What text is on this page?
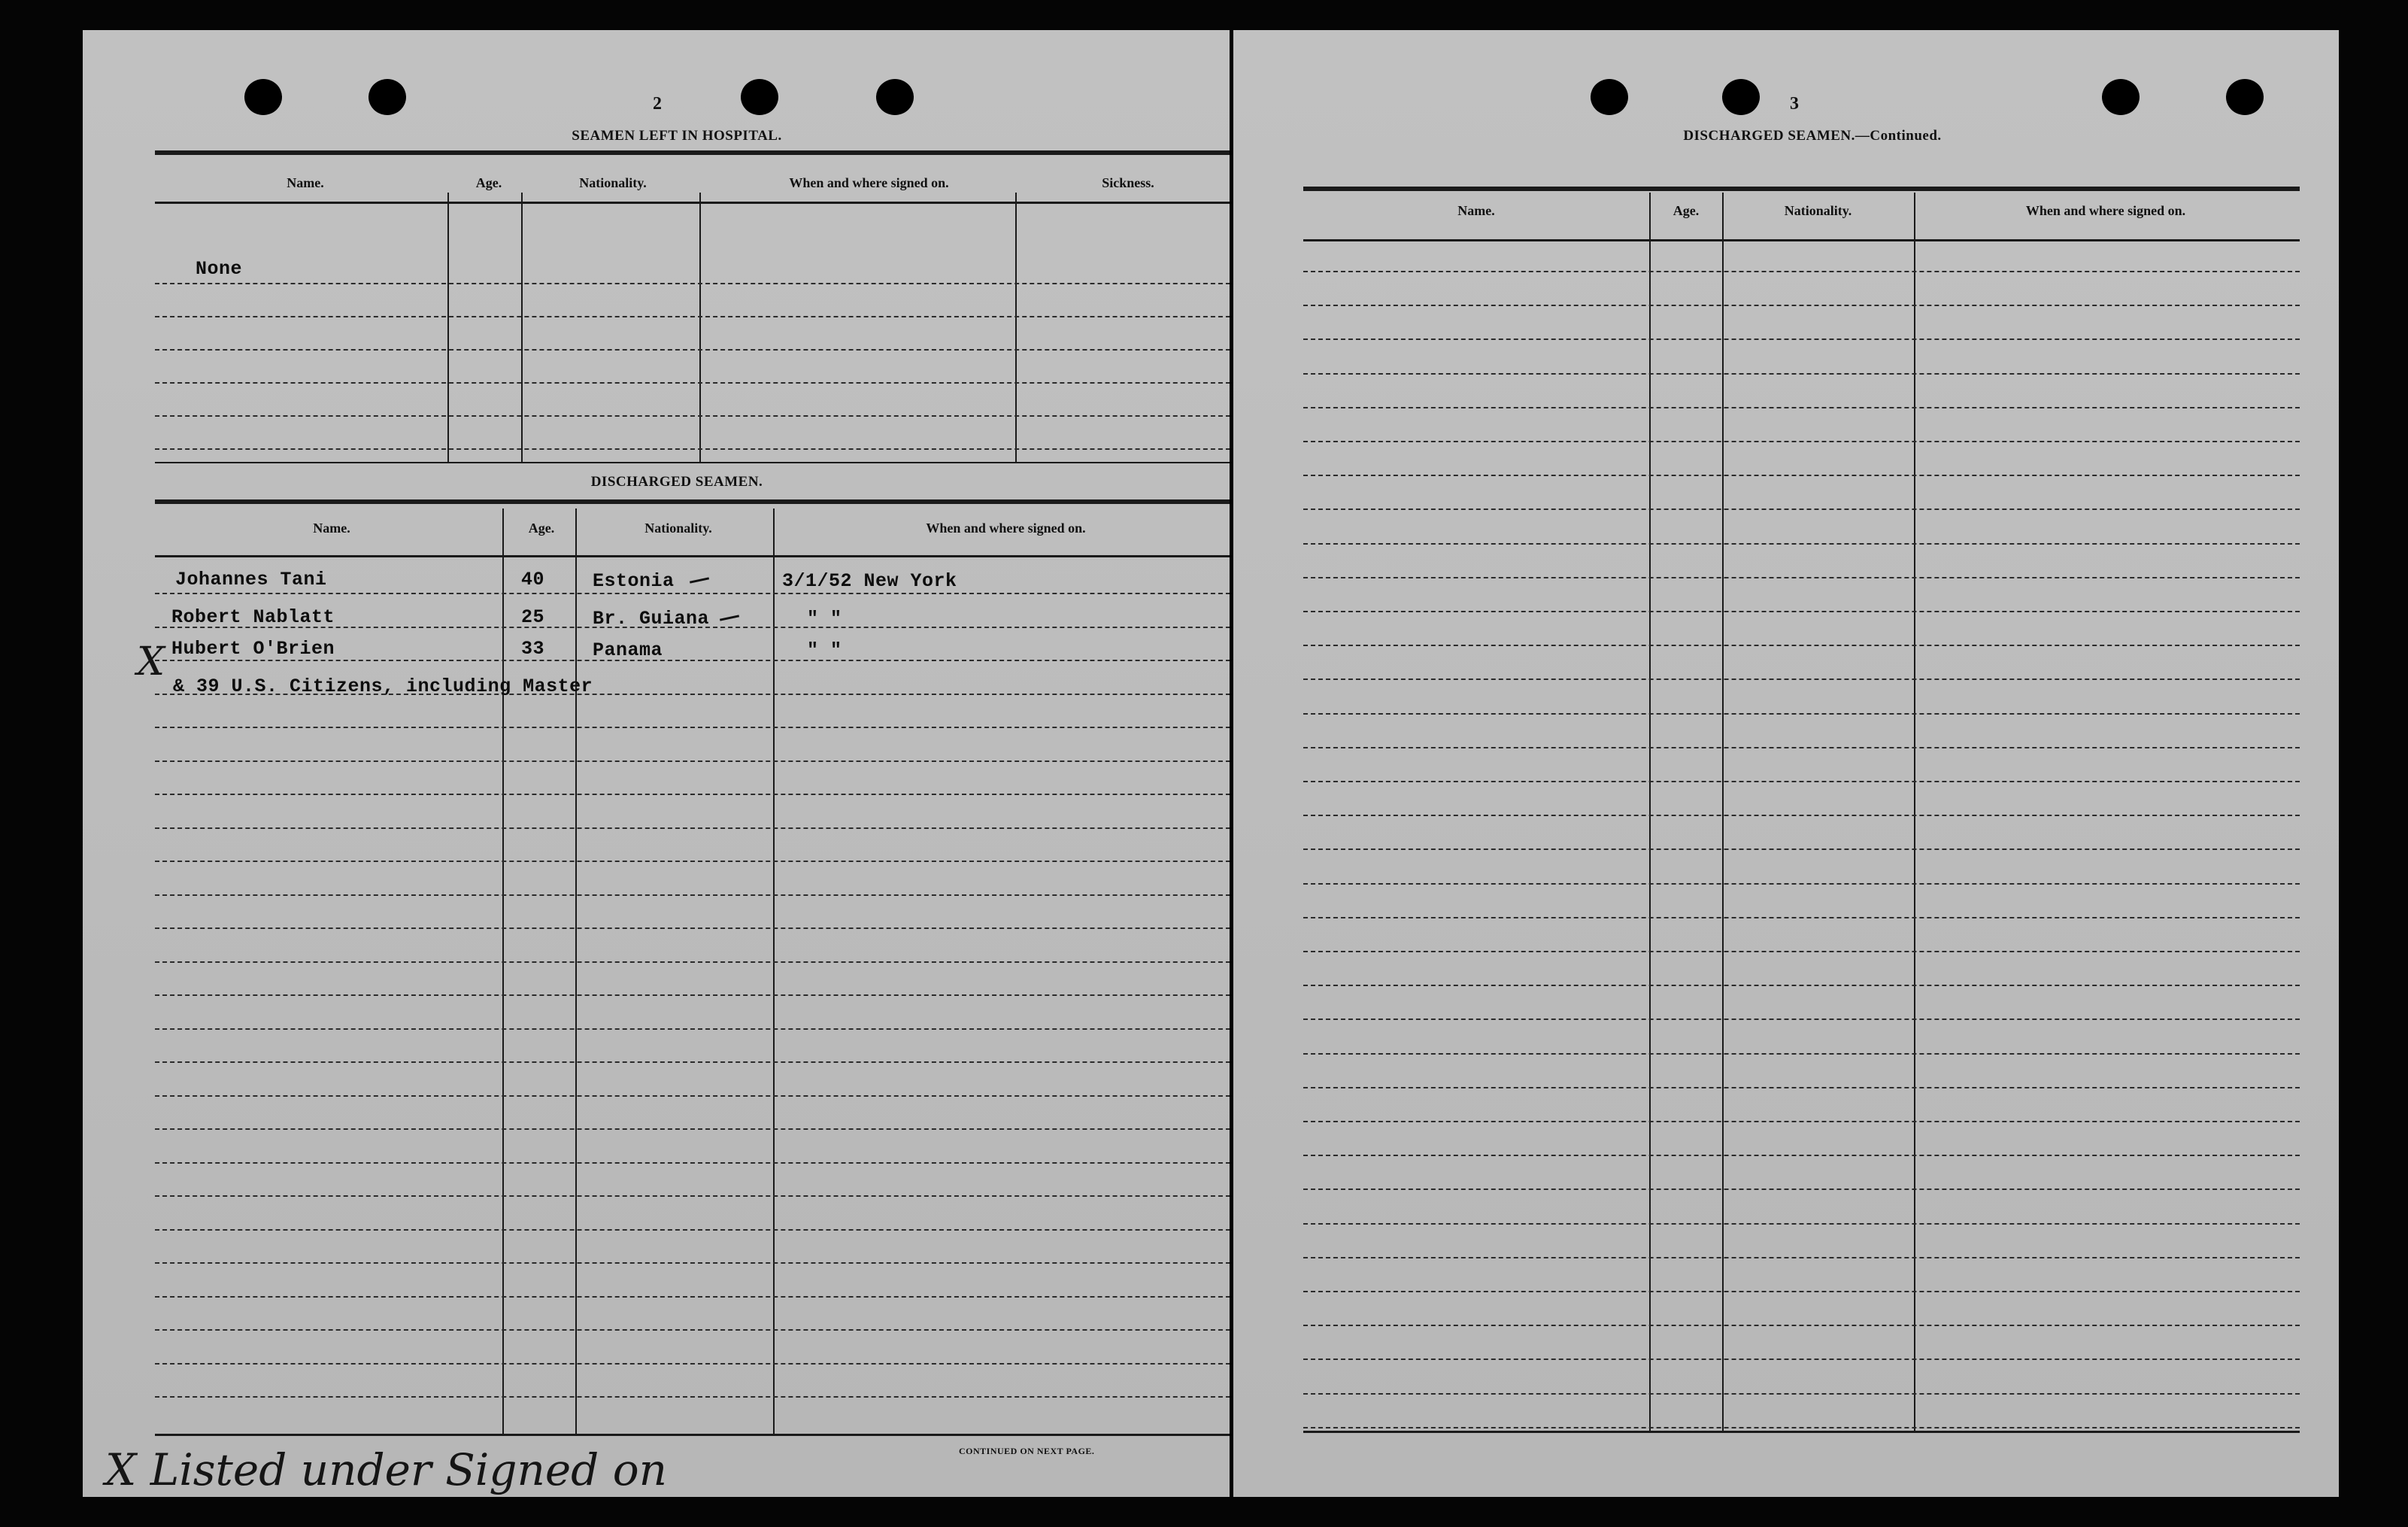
2
SEAMEN LEFT IN HOSPITAL.
Name.	Age.	Nationality.	When and where signed on.	Sickness.
None
DISCHARGED SEAMEN.
Name.	Age.	Nationality.	When and where signed on.
Johannes Tani	40	Estonia	3/1/52 New York
Robert Nablatt	25	Br. Guiana	" "
Hubert O'Brien	33	Panama	" "
X
& 39 U.S. Citizens, including Master
CONTINUED ON NEXT PAGE.
X Listed under Signed on
3
DISCHARGED SEAMEN.—Continued.
Name.	Age.	Nationality.	When and where signed on.
